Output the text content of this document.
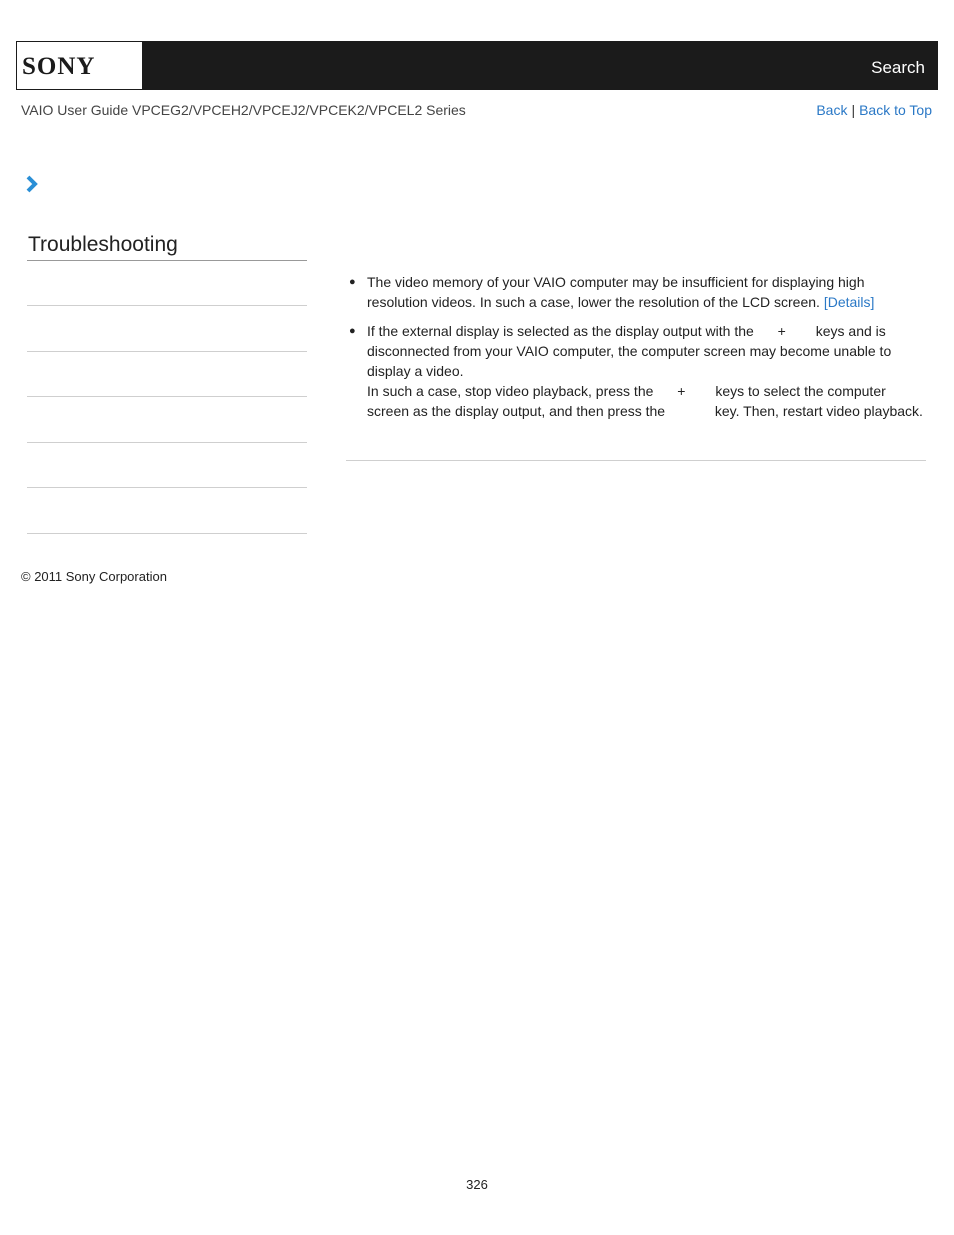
SONY	Search
VAIO User Guide VPCEG2/VPCEH2/VPCEJ2/VPCEK2/VPCEL2 Series	Back | Back to Top
Troubleshooting
● The video memory of your VAIO computer may be insufficient for displaying high resolution videos. In such a case, lower the resolution of the LCD screen. [Details]
● If the external display is selected as the display output with the + keys and is disconnected from your VAIO computer, the computer screen may become unable to display a video.
In such a case, stop video playback, press the + keys to select the computer screen as the display output, and then press the	key. Then, restart video playback.
© 2011 Sony Corporation
326
